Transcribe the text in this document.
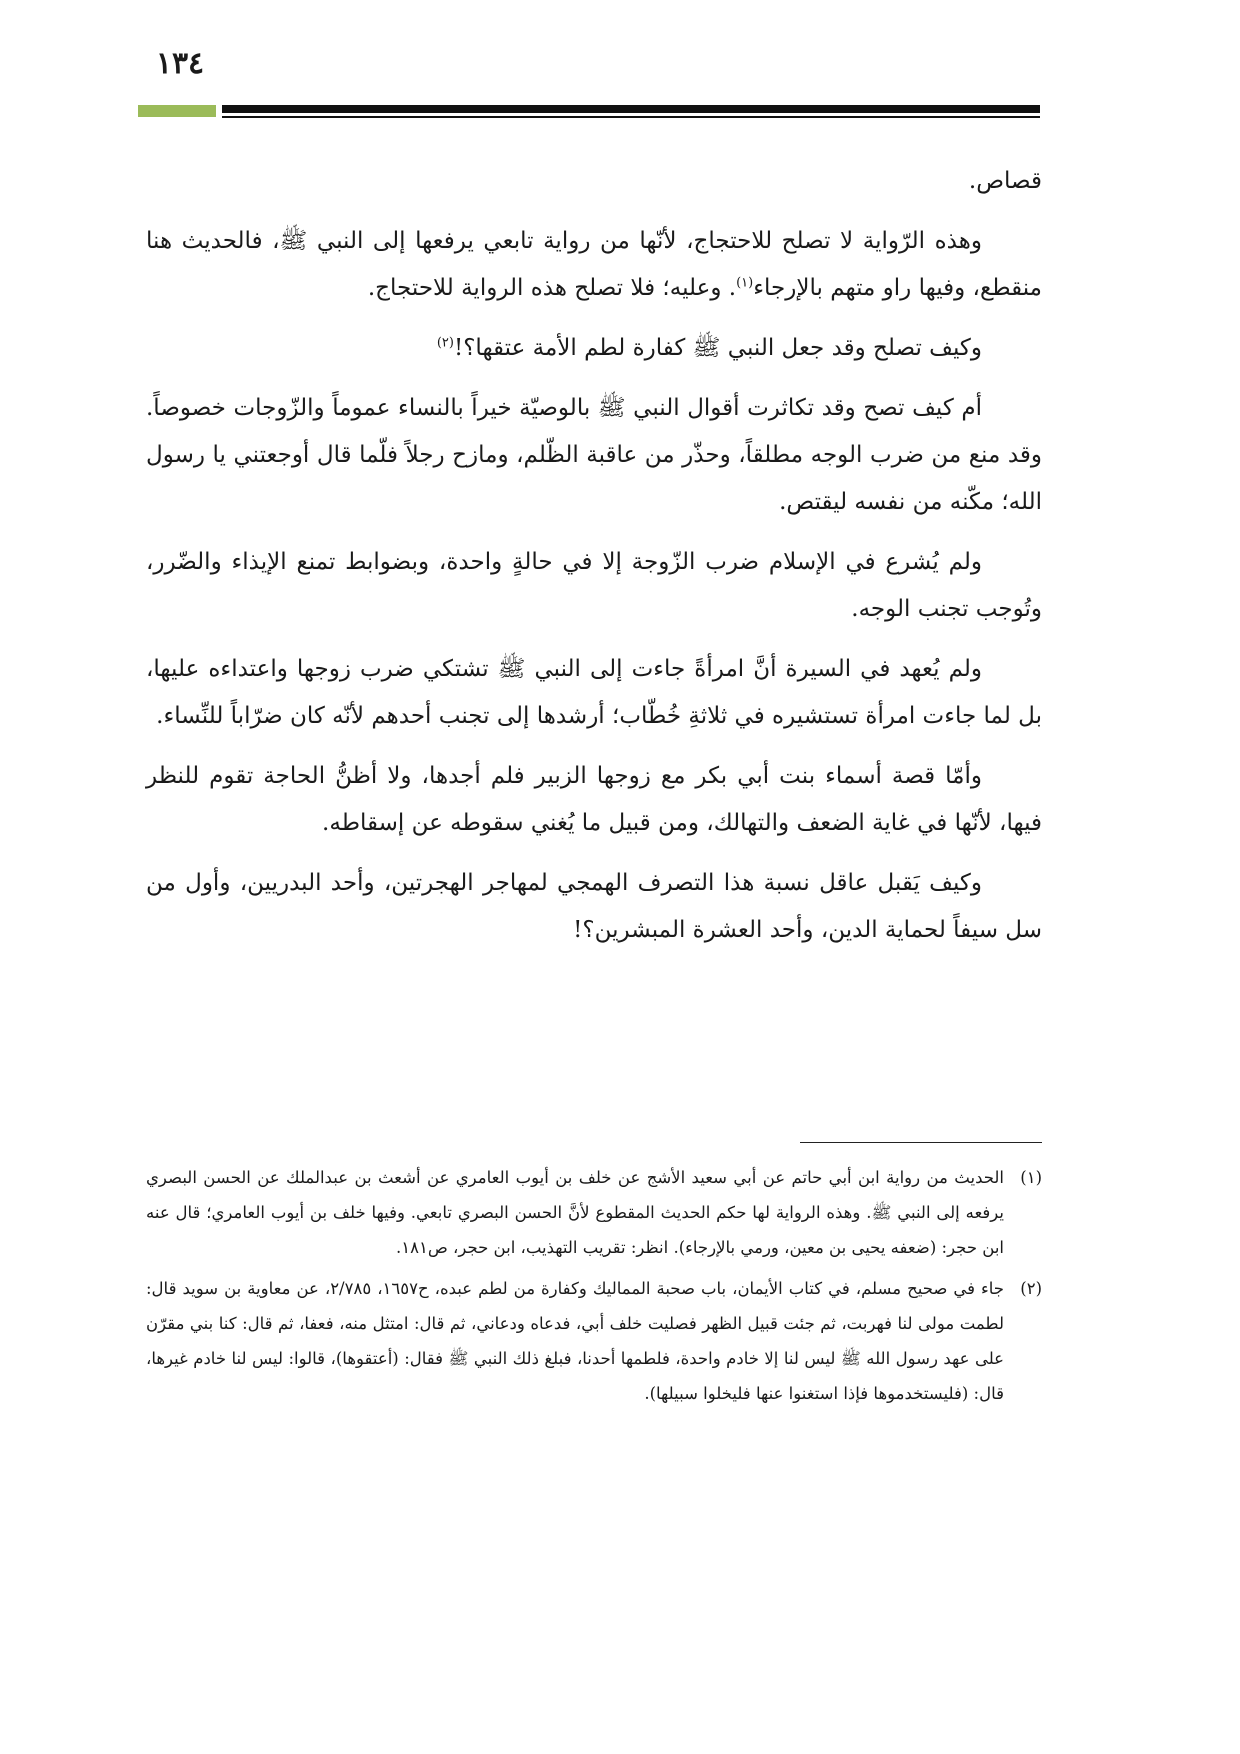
١٣٤

قصاص.

وهذه الرّواية لا تصلح للاحتجاج، لأنّها من رواية تابعي يرفعها إلى النبي ﷺ، فالحديث هنا منقطع، وفيها راو متهم بالإرجاء$^{(١)}$. وعليه؛ فلا تصلح هذه الرواية للاحتجاج.

وكيف تصلح وقد جعل النبي ﷺ كفارة لطم الأمة عتقها؟!$^{(٢)}$

أم كيف تصح وقد تكاثرت أقوال النبي ﷺ بالوصيّة خيراً بالنساء عموماً والزّوجات خصوصاً. وقد منع من ضرب الوجه مطلقاً، وحذّر من عاقبة الظّلم، ومازح رجلاً فلّما قال أوجعتني يا رسول الله؛ مكّنه من نفسه ليقتص.

ولم يُشرع في الإسلام ضرب الزّوجة إلا في حالةٍ واحدة، وبضوابط تمنع الإيذاء والضّرر، وتُوجب تجنب الوجه.

ولم يُعهد في السيرة أنَّ امرأةً جاءت إلى النبي ﷺ تشتكي ضرب زوجها واعتداءه عليها، بل لما جاءت امرأة تستشيره في ثلاثةِ خُطّاب؛ أرشدها إلى تجنب أحدهم لأنّه كان ضرّاباً للنِّساء.

وأمّا قصة أسماء بنت أبي بكر مع زوجها الزبير فلم أجدها، ولا أظنُّ الحاجة تقوم للنظر فيها، لأنّها في غاية الضعف والتهالك، ومن قبيل ما يُغني سقوطه عن إسقاطه.

وكيف يَقبل عاقل نسبة هذا التصرف الهمجي لمهاجر الهجرتين، وأحد البدريين، وأول من سل سيفاً لحماية الدين، وأحد العشرة المبشرين؟!

(١)
الحديث من رواية ابن أبي حاتم عن أبي سعيد الأشج عن خلف بن أيوب العامري عن أشعث بن عبدالملك عن الحسن البصري يرفعه إلى النبي ﷺ. وهذه الرواية لها حكم الحديث المقطوع لأنَّ الحسن البصري تابعي. وفيها خلف بن أيوب العامري؛ قال عنه ابن حجر: (ضعفه يحيى بن معين، ورمي بالإرجاء). انظر: تقريب التهذيب، ابن حجر، ص١٨١.
(٢)
جاء في صحيح مسلم، في كتاب الأيمان، باب صحبة المماليك وكفارة من لطم عبده، ح١٦٥٧، ٢/٧٨٥، عن معاوية بن سويد قال: لطمت مولى لنا فهربت، ثم جئت قبيل الظهر فصليت خلف أبي، فدعاه ودعاني، ثم قال: امتثل منه، فعفا، ثم قال: كنا بني مقرّن على عهد رسول الله ﷺ ليس لنا إلا خادم واحدة، فلطمها أحدنا، فبلغ ذلك النبي ﷺ فقال: (أعتقوها)، قالوا: ليس لنا خادم غيرها، قال: (فليستخدموها فإذا استغنوا عنها فليخلوا سبيلها).
